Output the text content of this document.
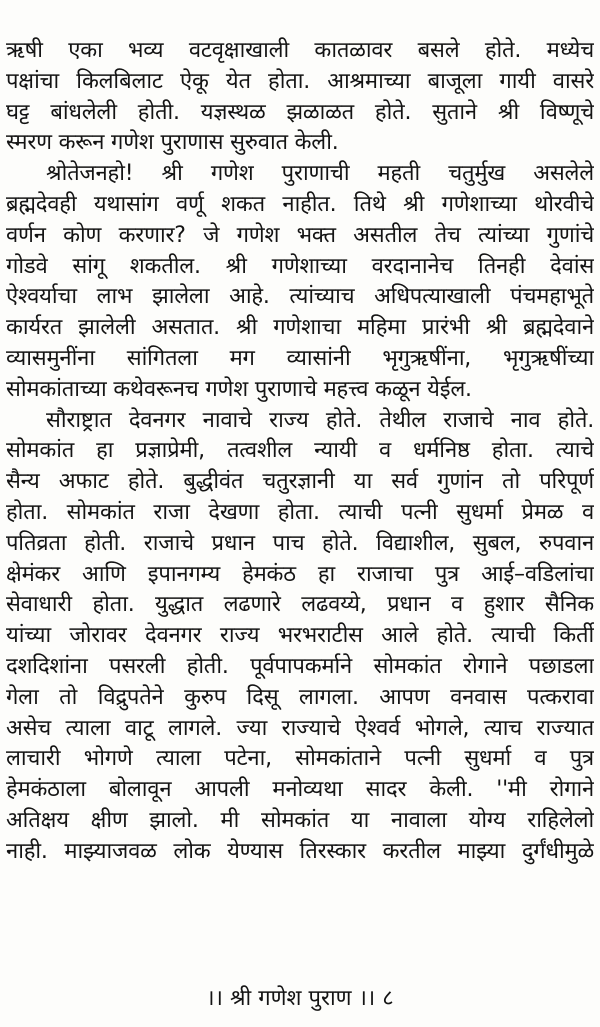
ऋषी एका भव्य वटवृक्षाखाली कातळावर बसले होते. मध्येच
पक्षांचा किलबिलाट ऐकू येत होता. आश्रमाच्या बाजूला गायी वासरे
घट्ट बांधलेली होती. यज्ञस्थळ झळाळत होते. सुताने श्री विष्णूचे
स्मरण करून गणेश पुराणास सुरुवात केली.
श्रोतेजनहो! श्री गणेश पुराणाची महती चतुर्मुख असलेले
ब्रह्मदेवही यथासांग वर्णू शकत नाहीत. तिथे श्री गणेशाच्या थोरवीचे
वर्णन कोण करणार? जे गणेश भक्त असतील तेच त्यांच्या गुणांचे
गोडवे सांगू शकतील. श्री गणेशाच्या वरदानानेच तिनही देवांस
ऐश्वर्याचा लाभ झालेला आहे. त्यांच्याच अधिपत्याखाली पंचमहाभूते
कार्यरत झालेली असतात. श्री गणेशाचा महिमा प्रारंभी श्री ब्रह्मदेवाने
व्यासमुनींना सांगितला मग व्यासांनी भृगुऋषींना, भृगुऋषींच्या
सोमकांताच्या कथेवरूनच गणेश पुराणाचे महत्त्व कळून येईल.
सौराष्ट्रात देवनगर नावाचे राज्य होते. तेथील राजाचे नाव होते.
सोमकांत हा प्रज्ञाप्रेमी, तत्वशील न्यायी व धर्मनिष्ठ होता. त्याचे
सैन्य अफाट होते. बुद्धीवंत चतुरज्ञानी या सर्व गुणांन तो परिपूर्ण
होता. सोमकांत राजा देखणा होता. त्याची पत्नी सुधर्मा प्रेमळ व
पतिव्रता होती. राजाचे प्रधान पाच होते. विद्याशील, सुबल, रुपवान
क्षेमंकर आणि इपानगम्य हेमकंठ हा राजाचा पुत्र आई–वडिलांचा
सेवाधारी होता. युद्धात लढणारे लढवय्ये, प्रधान व हुशार सैनिक
यांच्या जोरावर देवनगर राज्य भरभराटीस आले होते. त्याची किर्ती
दशदिशांना पसरली होती. पूर्वपापकर्माने सोमकांत रोगाने पछाडला
गेला तो विद्रुपतेने कुरुप दिसू लागला. आपण वनवास पत्करावा
असेच त्याला वाटू लागले. ज्या राज्याचे ऐश्वर्व भोगले, त्याच राज्यात
लाचारी भोगणे त्याला पटेना, सोमकांताने पत्नी सुधर्मा व पुत्र
हेमकंठाला बोलावून आपली मनोव्यथा सादर केली. ''मी रोगाने
अतिक्षय क्षीण झालो. मी सोमकांत या नावाला योग्य राहिलेलो
नाही. माझ्याजवळ लोक येण्यास तिरस्कार करतील माझ्या दुर्गंधीमुळे
।। श्री गणेश पुराण ।। ८
